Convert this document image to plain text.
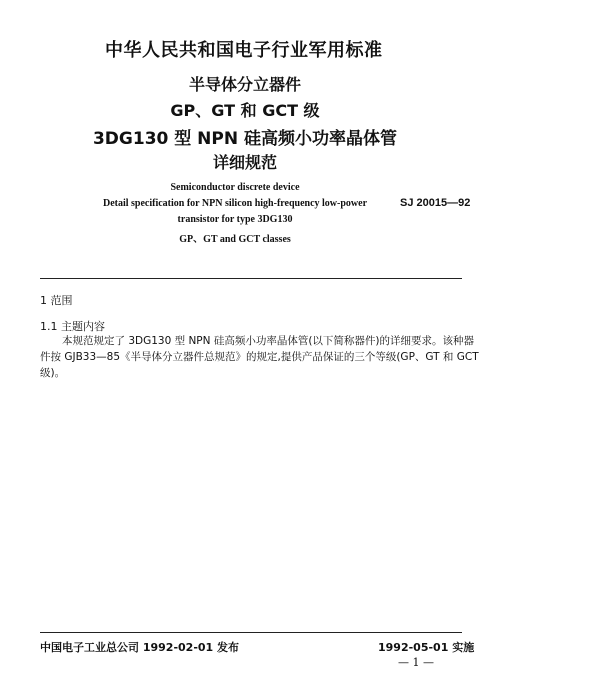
中华人民共和国电子行业军用标准
半导体分立器件
GP、GT 和 GCT 级
3DG130 型 NPN 硅高频小功率晶体管
详细规范
Semiconductor discrete device
Detail specification for NPN silicon high-frequency low-power
transistor for type 3DG130
GP、GT and GCT classes
SJ 20015—92
1 范围
1.1 主题内容
本规范规定了 3DG130 型 NPN 硅高频小功率晶体管(以下简称器件)的详细要求。该种器
件按 GJB33—85《半导体分立器件总规范》的规定,提供产品保证的三个等级(GP、GT 和 GCT
级)。
中国电子工业总公司 1992-02-01 发布	1992-05-01 实施
— 1 —
